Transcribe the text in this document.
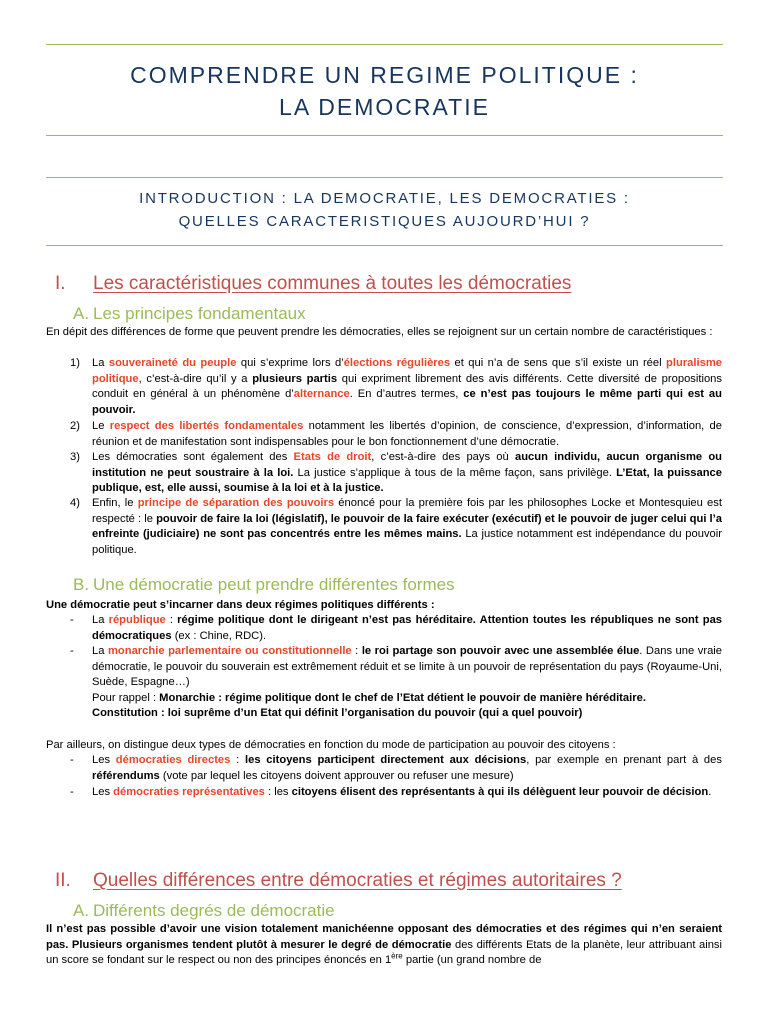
COMPRENDRE UN REGIME POLITIQUE :
LA DEMOCRATIE
INTRODUCTION : LA DEMOCRATIE, LES DEMOCRATIES :
QUELLES CARACTERISTIQUES AUJOURD’HUI ?
I. Les caractéristiques communes à toutes les démocraties
A. Les principes fondamentaux
En dépit des différences de forme que peuvent prendre les démocraties, elles se rejoignent sur un certain nombre de caractéristiques :
1) La souveraineté du peuple qui s’exprime lors d’élections régulières et qui n’a de sens que s’il existe un réel pluralisme politique, c’est-à-dire qu’il y a plusieurs partis qui expriment librement des avis différents. Cette diversité de propositions conduit en général à un phénomène d’alternance. En d’autres termes, ce n’est pas toujours le même parti qui est au pouvoir.
2) Le respect des libertés fondamentales notamment les libertés d’opinion, de conscience, d’expression, d’information, de réunion et de manifestation sont indispensables pour le bon fonctionnement d’une démocratie.
3) Les démocraties sont également des Etats de droit, c’est-à-dire des pays où aucun individu, aucun organisme ou institution ne peut soustraire à la loi. La justice s’applique à tous de la même façon, sans privilège. L’Etat, la puissance publique, est, elle aussi, soumise à la loi et à la justice.
4) Enfin, le principe de séparation des pouvoirs énoncé pour la première fois par les philosophes Locke et Montesquieu est respecté : le pouvoir de faire la loi (législatif), le pouvoir de la faire exécuter (exécutif) et le pouvoir de juger celui qui l’a enfreinte (judiciaire) ne sont pas concentrés entre les mêmes mains. La justice notamment est indépendance du pouvoir politique.
B. Une démocratie peut prendre différentes formes
Une démocratie peut s’incarner dans deux régimes politiques différents :
- La république : régime politique dont le dirigeant n’est pas héréditaire. Attention toutes les républiques ne sont pas démocratiques (ex : Chine, RDC).
- La monarchie parlementaire ou constitutionnelle : le roi partage son pouvoir avec une assemblée élue. Dans une vraie démocratie, le pouvoir du souverain est extrêmement réduit et se limite à un pouvoir de représentation du pays (Royaume-Uni, Suède, Espagne…)
Pour rappel : Monarchie : régime politique dont le chef de l’Etat détient le pouvoir de manière héréditaire.
Constitution : loi suprême d’un Etat qui définit l’organisation du pouvoir (qui a quel pouvoir)
Par ailleurs, on distingue deux types de démocraties en fonction du mode de participation au pouvoir des citoyens :
- Les démocraties directes : les citoyens participent directement aux décisions, par exemple en prenant part à des référendums (vote par lequel les citoyens doivent approuver ou refuser une mesure)
- Les démocraties représentatives : les citoyens élisent des représentants à qui ils délèguent leur pouvoir de décision.
II. Quelles différences entre démocraties et régimes autoritaires ?
A. Différents degrés de démocratie
Il n’est pas possible d’avoir une vision totalement manichéenne opposant des démocraties et des régimes qui n’en seraient pas. Plusieurs organismes tendent plutôt à mesurer le degré de démocratie des différents Etats de la planète, leur attribuant ainsi un score se fondant sur le respect ou non des principes énoncés en 1ère partie (un grand nombre de
